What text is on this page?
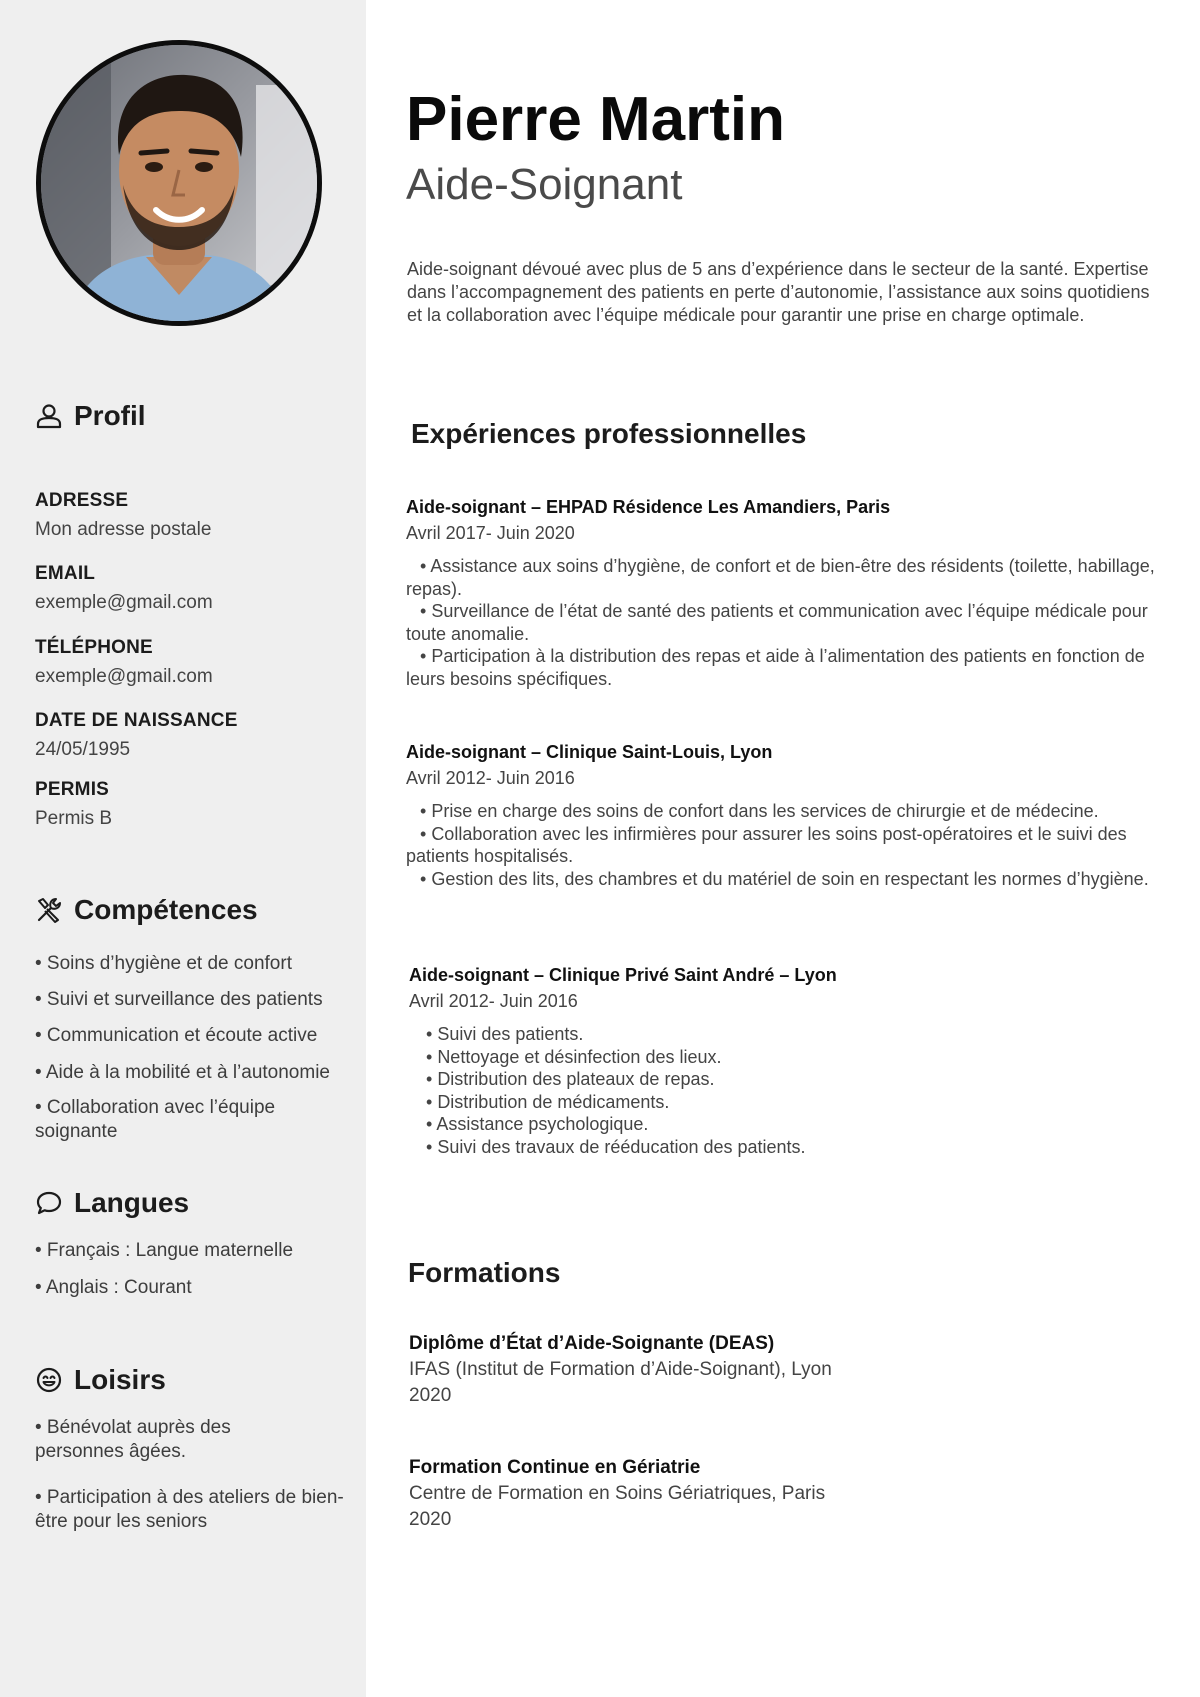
Profil
ADRESSE
Mon adresse postale
EMAIL
exemple@gmail.com
TÉLÉPHONE
exemple@gmail.com
DATE DE NAISSANCE
24/05/1995
PERMIS
Permis B
Compétences
• Soins d’hygiène et de confort
• Suivi et surveillance des patients
• Communication et écoute active
• Aide à la mobilité et à l’autonomie
• Collaboration avec l’équipe soignante
Langues
• Français : Langue maternelle
• Anglais : Courant
Loisirs
• Bénévolat auprès des personnes âgées.
• Participation à des ateliers de bien-être pour les seniors
Pierre Martin
Aide-Soignant
Aide-soignant dévoué avec plus de 5 ans d’expérience dans le secteur de la santé. Expertise dans l’accompagnement des patients en perte d’autonomie, l’assistance aux soins quotidiens et la collaboration avec l’équipe médicale pour garantir une prise en charge optimale.
Expériences professionnelles
Aide-soignant – EHPAD Résidence Les Amandiers, Paris
Avril 2017- Juin 2020
• Assistance aux soins d’hygiène, de confort et de bien-être des résidents (toilette, habillage, repas).
• Surveillance de l’état de santé des patients et communication avec l’équipe médicale pour toute anomalie.
• Participation à la distribution des repas et aide à l’alimentation des patients en fonction de leurs besoins spécifiques.
Aide-soignant – Clinique Saint-Louis, Lyon
Avril 2012- Juin 2016
• Prise en charge des soins de confort dans les services de chirurgie et de médecine.
• Collaboration avec les infirmières pour assurer les soins post-opératoires et le suivi des patients hospitalisés.
• Gestion des lits, des chambres et du matériel de soin en respectant les normes d’hygiène.
Aide-soignant – Clinique Privé Saint André – Lyon
Avril 2012- Juin 2016
• Suivi des patients.
• Nettoyage et désinfection des lieux.
• Distribution des plateaux de repas.
• Distribution de médicaments.
• Assistance psychologique.
• Suivi des travaux de rééducation des patients.
Formations
Diplôme d’État d’Aide-Soignante (DEAS)
IFAS (Institut de Formation d’Aide-Soignant), Lyon
2020
Formation Continue en Gériatrie
Centre de Formation en Soins Gériatriques, Paris
2020
